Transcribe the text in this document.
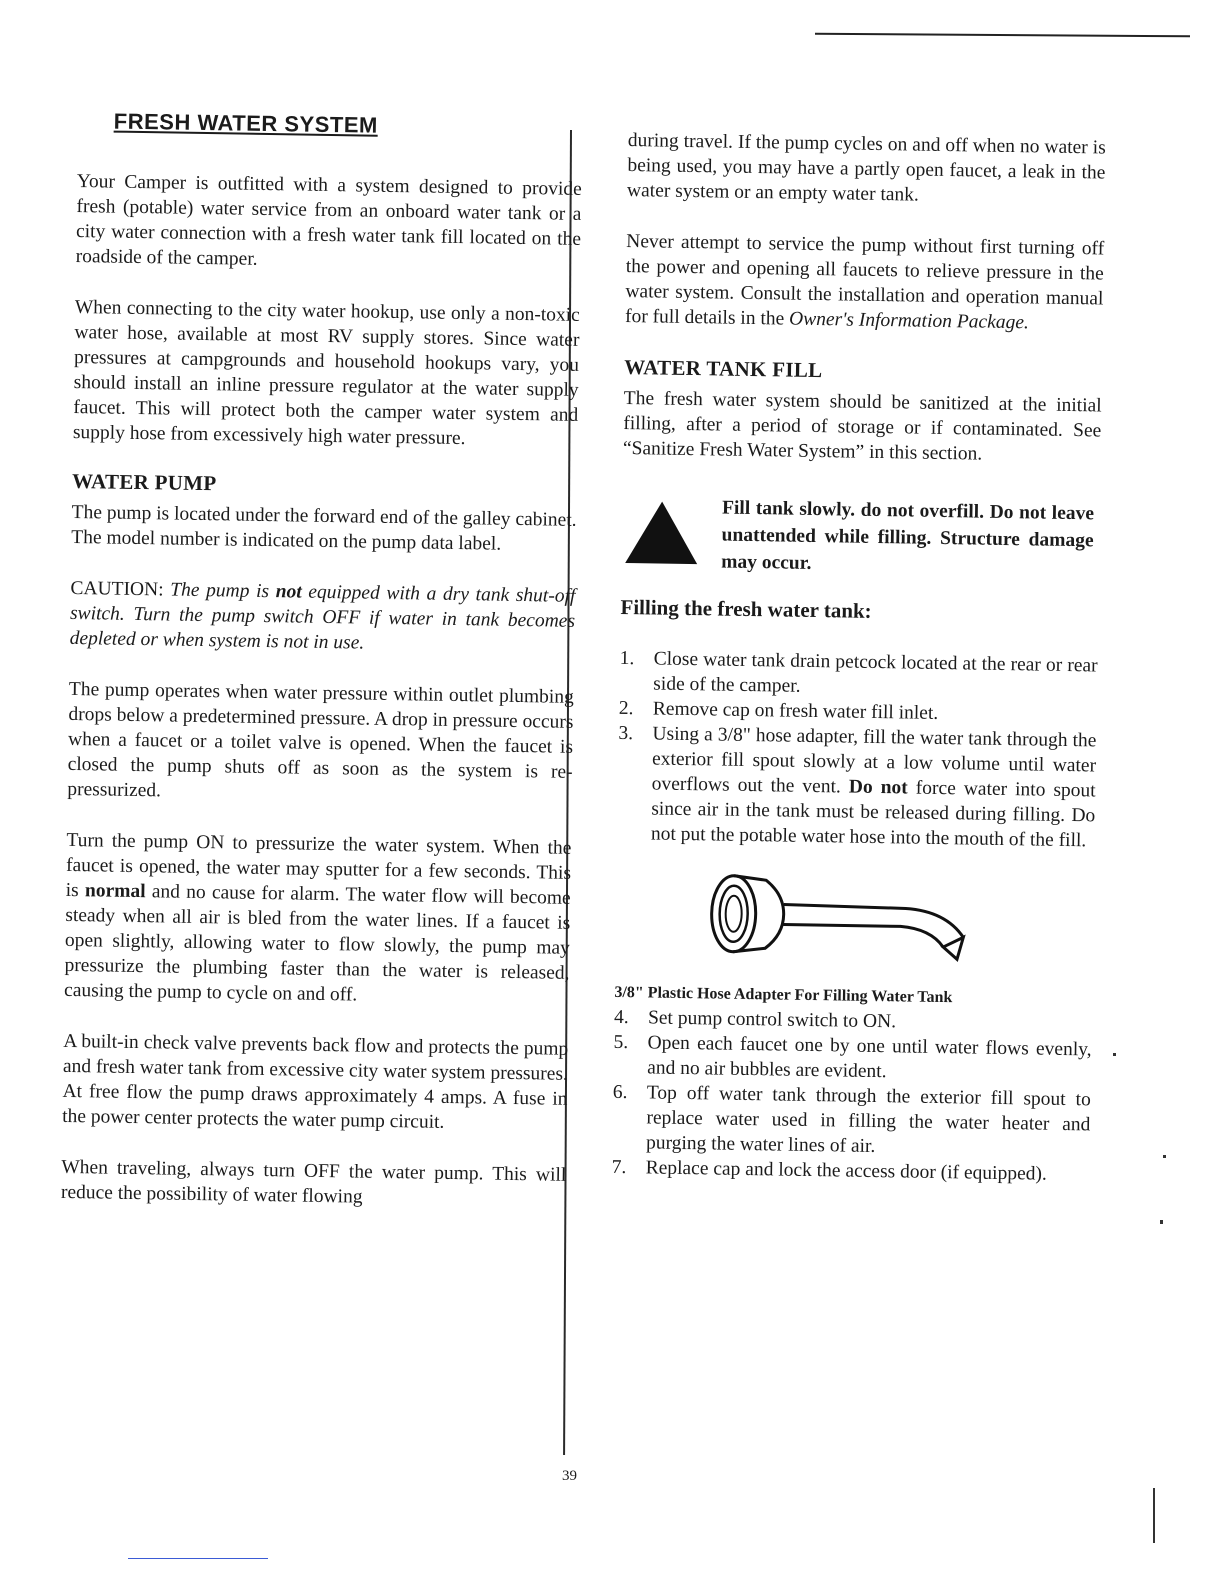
FRESH WATER SYSTEM

Your Camper is outfitted with a system designed to provide fresh (potable) water service from an onboard water tank or a city water connection with a fresh water tank fill located on the roadside of the camper.

When connecting to the city water hookup, use only a non-toxic water hose, available at most RV supply stores. Since water pressures at campgrounds and household hookups vary, you should install an inline pressure regulator at the water supply faucet. This will protect both the camper water system and supply hose from excessively high water pressure.

WATER PUMP

The pump is located under the forward end of the galley cabinet. The model number is indicated on the pump data label.

CAUTION: The pump is not equipped with a dry tank shut-off switch. Turn the pump switch OFF if water in tank becomes depleted or when system is not in use.

The pump operates when water pressure within outlet plumbing drops below a predetermined pressure. A drop in pressure occurs when a faucet or a toilet valve is opened. When the faucet is closed the pump shuts off as soon as the system is re-pressurized.

Turn the pump ON to pressurize the water system. When the faucet is opened, the water may sputter for a few seconds. This is normal and no cause for alarm. The water flow will become steady when all air is bled from the water lines. If a faucet is open slightly, allowing water to flow slowly, the pump may pressurize the plumbing faster than the water is released, causing the pump to cycle on and off.

A built-in check valve prevents back flow and protects the pump and fresh water tank from excessive city water system pressures. At free flow the pump draws approximately 4 amps. A fuse in the power center protects the water pump circuit.

When traveling, always turn OFF the water pump. This will reduce the possibility of water flowing

during travel. If the pump cycles on and off when no water is being used, you may have a partly open faucet, a leak in the water system or an empty water tank.

Never attempt to service the pump without first turning off the power and opening all faucets to relieve pressure in the water system. Consult the installation and operation manual for full details in the Owner's Information Package.

WATER TANK FILL

The fresh water system should be sanitized at the initial filling, after a period of storage or if contaminated. See “Sanitize Fresh Water System” in this section.

Fill tank slowly. do not overfill. Do not leave unattended while filling. Structure damage may occur.
Filling the fresh water tank:
1. Close water tank drain petcock located at the rear or rear side of the camper.
2. Remove cap on fresh water fill inlet.
3. Using a 3/8" hose adapter, fill the water tank through the exterior fill spout slowly at a low volume until water overflows out the vent. Do not force water into spout since air in the tank must be released during filling. Do not put the potable water hose into the mouth of the fill.

3/8" Plastic Hose Adapter For Filling Water Tank

4. Set pump control switch to ON.
5. Open each faucet one by one until water flows evenly, and no air bubbles are evident.
6. Top off water tank through the exterior fill spout to replace water used in filling the water heater and purging the water lines of air.
7. Replace cap and lock the access door (if equipped).
39
